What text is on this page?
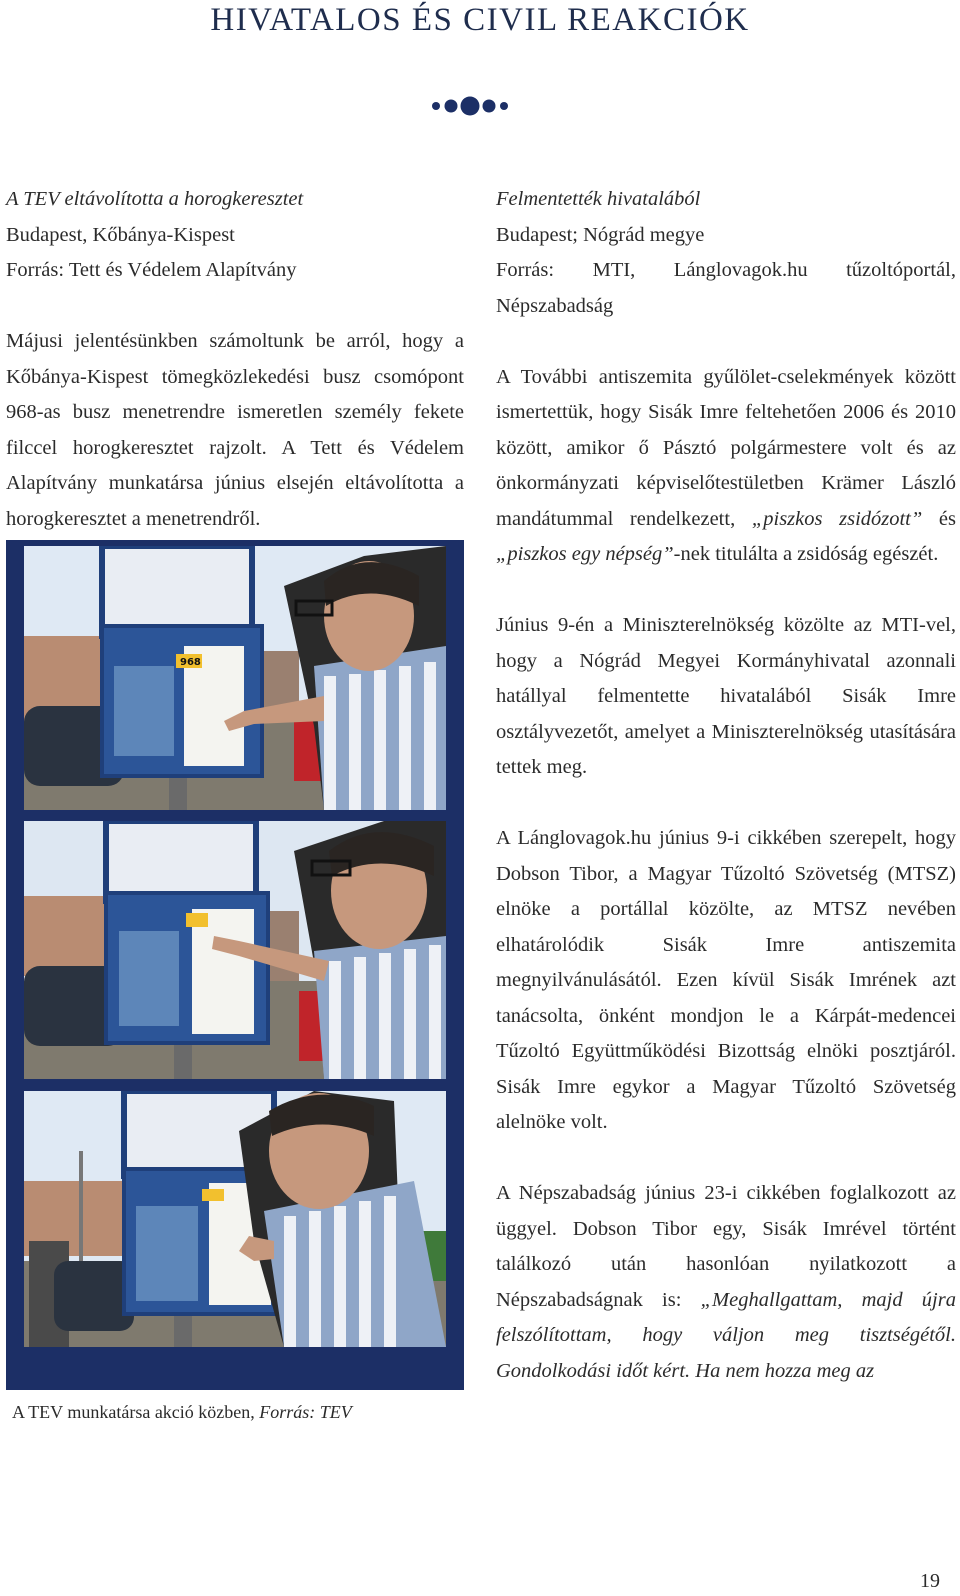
HIVATALOS ÉS CIVIL REAKCIÓK
A TEV eltávolította a horogkeresztet
Budapest, Kőbánya-Kispest
Forrás: Tett és Védelem Alapítvány
Májusi jelentésünkben számoltunk be arról, hogy a Kőbánya-Kispest tömegközlekedési busz csomópont 968-as busz menetrendre ismeretlen személy fekete filccel horogkeresztet rajzolt. A Tett és Védelem Alapítvány munkatársa június elsején eltávolította a horogkeresztet a menetrendről.
968
A TEV munkatársa akció közben, Forrás: TEV
Felmentették hivatalából
Budapest; Nógrád megye
Forrás: MTI, Lánglovagok.hu tűzoltóportál, Népszabadság
A További antiszemita gyűlölet-cselekmények között ismertettük, hogy Sisák Imre feltehetően 2006 és 2010 között, amikor ő Pásztó polgármestere volt és az önkormányzati képviselőtestületben Krämer László mandátummal rendelkezett, „piszkos zsidózott” és „piszkos egy népség”-nek titulálta a zsidóság egészét.
Június 9-én a Miniszterelnökség közölte az MTI-vel, hogy a Nógrád Megyei Kormányhivatal azonnali hatállyal felmentette hivatalából Sisák Imre osztályvezetőt, amelyet a Miniszterelnökség utasítására tettek meg.
A Lánglovagok.hu június 9-i cikkében szerepelt, hogy Dobson Tibor, a Magyar Tűzoltó Szövetség (MTSZ) elnöke a portállal közölte, az MTSZ nevében elhatárolódik Sisák Imre antiszemita megnyilvánulásától. Ezen kívül Sisák Imrének azt tanácsolta, önként mondjon le a Kárpát-medencei Tűzoltó Együttműködési Bizottság elnöki posztjáról. Sisák Imre egykor a Magyar Tűzoltó Szövetség alelnöke volt.
A Népszabadság június 23-i cikkében foglalkozott az üggyel. Dobson Tibor egy, Sisák Imrével történt találkozó után hasonlóan nyilatkozott a Népszabadságnak is: „Meghallgattam, majd újra felszólítottam, hogy váljon meg tisztségétől. Gondolkodási időt kért. Ha nem hozza meg az
19
